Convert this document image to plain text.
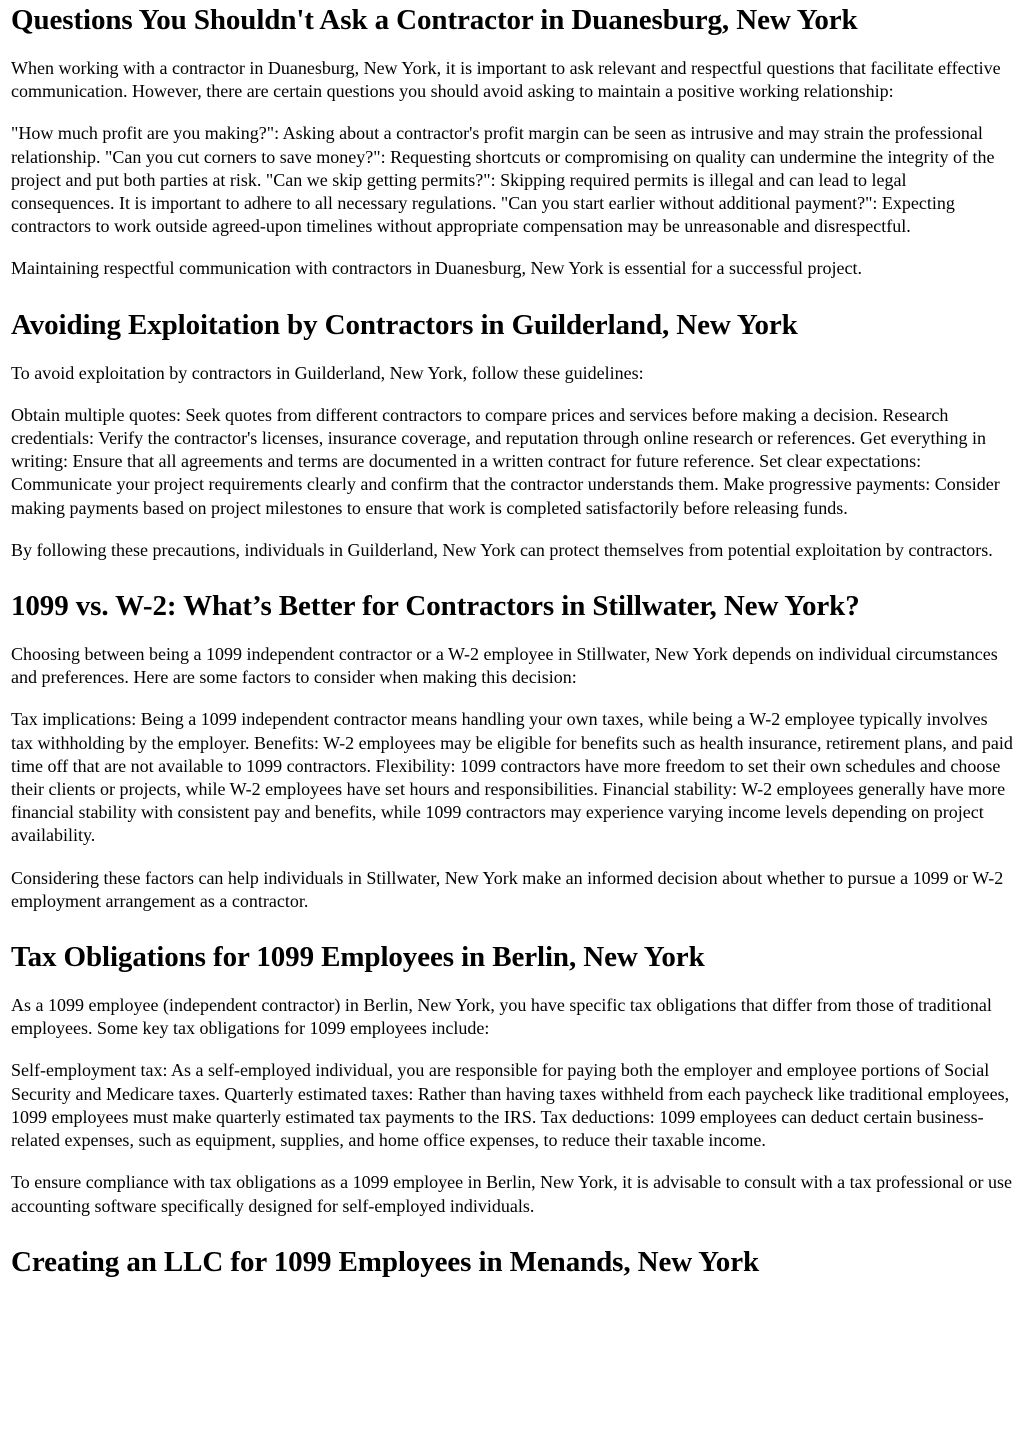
Questions You Shouldn't Ask a Contractor in Duanesburg, New York

When working with a contractor in Duanesburg, New York, it is important to ask relevant and respectful questions that facilitate effective communication. However, there are certain questions you should avoid asking to maintain a positive working relationship:

"How much profit are you making?": Asking about a contractor's profit margin can be seen as intrusive and may strain the professional relationship. "Can you cut corners to save money?": Requesting shortcuts or compromising on quality can undermine the integrity of the project and put both parties at risk. "Can we skip getting permits?": Skipping required permits is illegal and can lead to legal consequences. It is important to adhere to all necessary regulations. "Can you start earlier without additional payment?": Expecting contractors to work outside agreed-upon timelines without appropriate compensation may be unreasonable and disrespectful.

Maintaining respectful communication with contractors in Duanesburg, New York is essential for a successful project.

Avoiding Exploitation by Contractors in Guilderland, New York

To avoid exploitation by contractors in Guilderland, New York, follow these guidelines:

Obtain multiple quotes: Seek quotes from different contractors to compare prices and services before making a decision. Research credentials: Verify the contractor's licenses, insurance coverage, and reputation through online research or references. Get everything in writing: Ensure that all agreements and terms are documented in a written contract for future reference. Set clear expectations: Communicate your project requirements clearly and confirm that the contractor understands them. Make progressive payments: Consider making payments based on project milestones to ensure that work is completed satisfactorily before releasing funds.

By following these precautions, individuals in Guilderland, New York can protect themselves from potential exploitation by contractors.

1099 vs. W-2: What’s Better for Contractors in Stillwater, New York?

Choosing between being a 1099 independent contractor or a W-2 employee in Stillwater, New York depends on individual circumstances and preferences. Here are some factors to consider when making this decision:

Tax implications: Being a 1099 independent contractor means handling your own taxes, while being a W-2 employee typically involves tax withholding by the employer. Benefits: W-2 employees may be eligible for benefits such as health insurance, retirement plans, and paid time off that are not available to 1099 contractors. Flexibility: 1099 contractors have more freedom to set their own schedules and choose their clients or projects, while W-2 employees have set hours and responsibilities. Financial stability: W-2 employees generally have more financial stability with consistent pay and benefits, while 1099 contractors may experience varying income levels depending on project availability.

Considering these factors can help individuals in Stillwater, New York make an informed decision about whether to pursue a 1099 or W-2 employment arrangement as a contractor.

Tax Obligations for 1099 Employees in Berlin, New York

As a 1099 employee (independent contractor) in Berlin, New York, you have specific tax obligations that differ from those of traditional employees. Some key tax obligations for 1099 employees include:

Self-employment tax: As a self-employed individual, you are responsible for paying both the employer and employee portions of Social Security and Medicare taxes. Quarterly estimated taxes: Rather than having taxes withheld from each paycheck like traditional employees, 1099 employees must make quarterly estimated tax payments to the IRS. Tax deductions: 1099 employees can deduct certain business-related expenses, such as equipment, supplies, and home office expenses, to reduce their taxable income.

To ensure compliance with tax obligations as a 1099 employee in Berlin, New York, it is advisable to consult with a tax professional or use accounting software specifically designed for self-employed individuals.

Creating an LLC for 1099 Employees in Menands, New York
